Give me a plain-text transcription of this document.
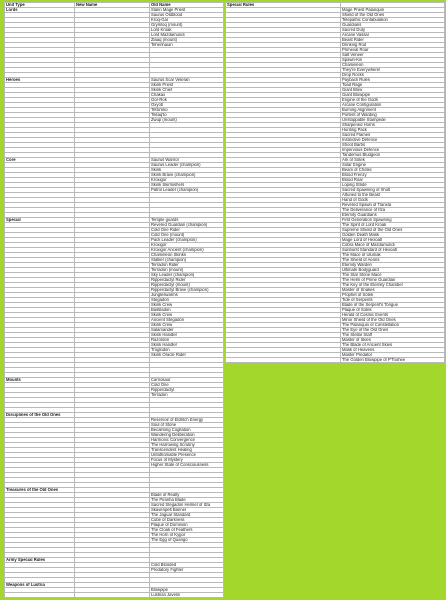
Unit Type	New Name	Old Name
Lords		Slann Mage Priest
		Saurus Oldblood
		Kroq-Gar
		Grymloq (mount)
		Lord Kroak
		Lord Mazdamundi
		Zlaaq (mount)
		Tehenhauin

Heroes		Saurus Scar Veteran
		Skink Priest
		Skink Chief
		Chakax
		Gor-Rok
		Oxyotl
		Tetto'eko
		Tiktaq'to
		Zwup (mount)

Core		Saurus Warrior
		Saurus Leader (champion)
		Skink
		Skink Brave (champion)
		Kroxigor
		Skink Skirmishers
		Patrol Leader (champion)

Special		Temple guards
		Revered Guardian (champion)
		Cold One Rider
		Cold One (mount)
		Pack Leader (champion)
		Kroxigor
		Kroxigor Ancient (champion)
		Chameleon Skinks
		Stalker (champion)
		Terradon Rider
		Terradon (mount)
		Sky Leader (champion)
		Ripperdactyl Rider
		Ripperdactyl (mount)
		Ripperdactyl Brave (champion)
		Jungleswarms
		Stegadon
		Skink Crew
		Bastiladon
		Skink Crew
		Ancient Stegadon
		Skink Crew
		Salamander
		Skink Handler
		Razordon
		Skink Handler
		Troglodon
		Skink Oracle Rider

Mounts		Carnosaur
		Cold One
		Ripperdactyl
		Terradon

Disciplines of the Old Ones		
		Reservoir of Eldritch Energy
		Soul of Stone
		Becalming Cogitation
		Wandering Deliberation
		Harmonic Convergence
		The Harrowing Scrutiny
		Transcendent Healing
		Unfathomable Presence
		Focus of Mystery
		Higher State of Consciousness

Treasures of the Old Ones		
		Blade of Realty
		The Piranha Blade
		Sacred Stegadon Helmet of Itza
		Skavenpelt Banner
		The Jaguar Standard
		Cube of Darkness
		Plaque of Dominion
		The Cloak of Feathers
		The Horn of Kygor
		The Egg of Quango

Army Special Rules		
		Cold Blooded
		Predatory Fighter

Weapons of Lustria		
		Blowpipe
		Lustrian Javelin
Special Rules	
	Mage Priest Palanquin
	Shield of the Old Ones
	Telepathic Confabulation
	Guardians
	Sacred Duty
	Arcane Vassal
	Beast Rider
	Drinking Rod
	Primeval Roar
	Salt Veneer
	Spawn-Kin
	Chameleon
	They're Everywhere!
	Drop Rocks
	Payback Rules
	Toad Rage
	Giant Blow
	Giant Blowpipe
	Engine of the Gods
	Arcane Configuration
	Burning Alignment
	Portent of Warding
	Unstoppable Stampede
	Sharpened Horns
	Hunting Pack
	Sacred Flames
	Instinctive Defence
	Shoot Barbs
	Impervious Defence
	Tandemus Bludgeon
	Ark of Sotek
	Solar Engine
	Beam of Chotec
	Blood Frenzy
	Blood Roar
	Loping Stride
	Sacred Spawning of Xhotl
	Attuned to the Beast
	Hand of Gods
	Revered Spawn of Tlanxla
	The Deliverance of Itza
	Eternity Guardians
	First Generation Spawning
	The Spirit of Lord Kroak
	Supreme Shield of the Old Ones
	Golden Death Mask
	Mage Lord of Hexoatl
	Cobra Mace of Mazdamundi
	Sunburst Standard of Hexoatl
	The Mace of Ulumak
	The Shield of Aeons
	Eternity Warden
	Ultimate Bodyguard
	The Star Stone Mace
	The Helm of Prime Guardian
	The Key of the Eternity Chamber
	Master of Snakes
	Prophet of Sotek
	Tide of Serpents
	Blade of the Serpent's Tongue
	Plaque of Sotek
	Herald of Cosmic Events
	Minor Shield of the Old Ones
	The Palanquin of Constellation
	The Eye of the Old Ones
	The Stellar Staff
	Master of Skies
	The Blade of Ancient Skies
	Mask of Heavens
	Master Predator
	The Golden Blowpipe of P'Toohee
